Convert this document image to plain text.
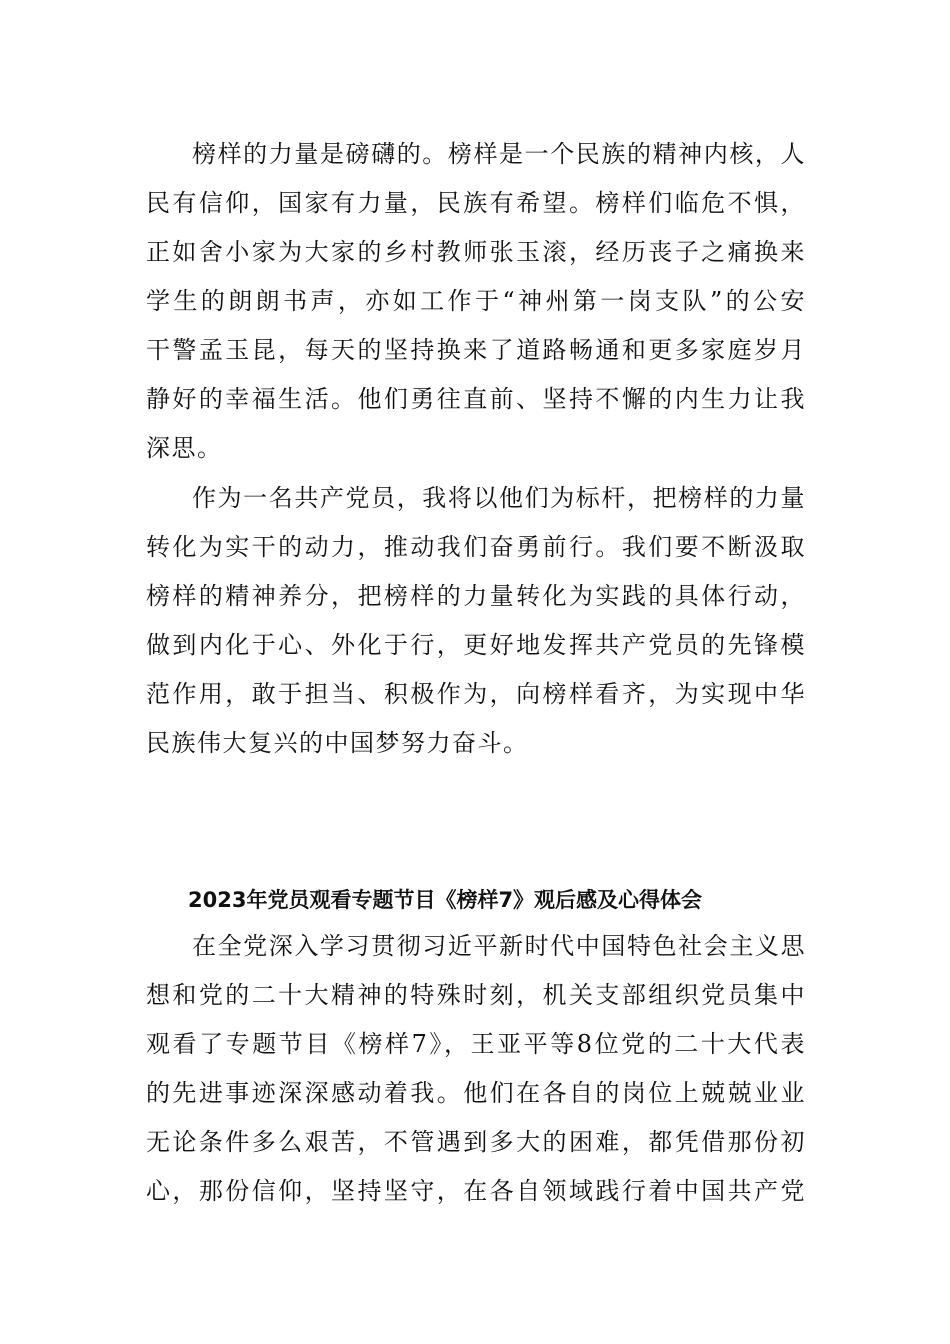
榜样的力量是磅礴的。榜样是一个民族的精神内核，人
民有信仰，国家有力量，民族有希望。榜样们临危不惧，
正如舍小家为大家的乡村教师张玉滚，经历丧子之痛换来
学生的朗朗书声，亦如工作于“神州第一岗支队”的公安
干警孟玉昆，每天的坚持换来了道路畅通和更多家庭岁月
静好的幸福生活。他们勇往直前、坚持不懈的内生力让我
深思。
作为一名共产党员，我将以他们为标杆，把榜样的力量
转化为实干的动力，推动我们奋勇前行。我们要不断汲取
榜样的精神养分，把榜样的力量转化为实践的具体行动，
做到内化于心、外化于行，更好地发挥共产党员的先锋模
范作用，敢于担当、积极作为，向榜样看齐，为实现中华
民族伟大复兴的中国梦努力奋斗。
2023年党员观看专题节目《榜样7》观后感及心得体会
在全党深入学习贯彻习近平新时代中国特色社会主义思
想和党的二十大精神的特殊时刻，机关支部组织党员集中
观看了专题节目《榜样7》，王亚平等8位党的二十大代表
的先进事迹深深感动着我。他们在各自的岗位上兢兢业业
无论条件多么艰苦，不管遇到多大的困难，都凭借那份初
心，那份信仰，坚持坚守，在各自领域践行着中国共产党
